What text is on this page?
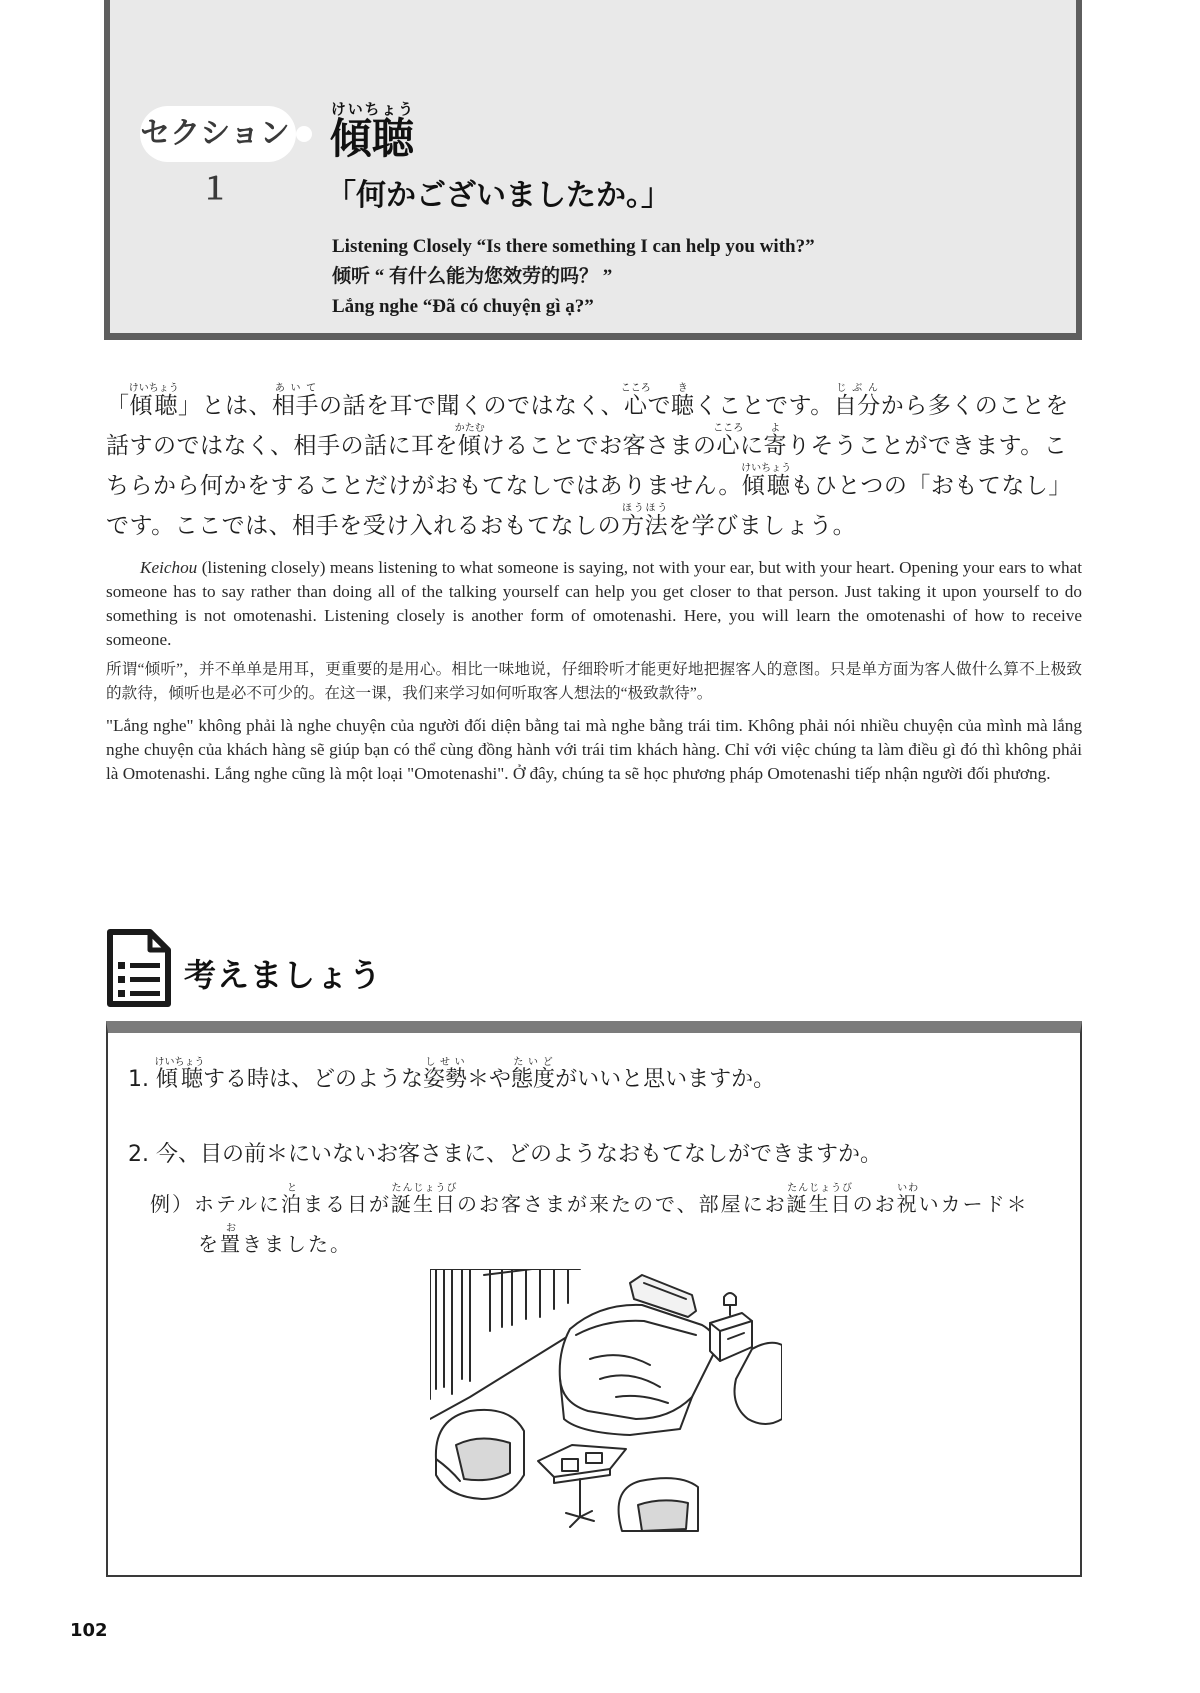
セクション１
傾聴けいちょう
「何かございましたか。」
Listening Closely “Is there something I can help you with?”
倾听 “ 有什么能为您效劳的吗？ ”
Lắng nghe “Đã có chuyện gì ạ?”
「傾聴けいちょう」とは、相手あいての話を耳で聞くのではなく、心こころで聴きくことです。自分じぶんから多くのことを話すのではなく、相手の話に耳を傾かたむけることでお客さまの心こころに寄よりそうことができます。こちらから何かをすることだけがおもてなしではありません。傾聴けいちょうもひとつの「おもてなし」です。ここでは、相手を受け入れるおもてなしの方法ほうほうを学びましょう。

Keichou (listening closely) means listening to what someone is saying, not with your ear, but with your heart. Opening your ears to what someone has to say rather than doing all of the talking yourself can help you get closer to that person. Just taking it upon yourself to do something is not omotenashi. Listening closely is another form of omotenashi. Here, you will learn the omotenashi of how to receive someone.

所谓“倾听”，并不单单是用耳，更重要的是用心。相比一味地说，仔细聆听才能更好地把握客人的意图。只是单方面为客人做什么算不上极致的款待，倾听也是必不可少的。在这一课，我们来学习如何听取客人想法的“极致款待”。

"Lắng nghe" không phải là nghe chuyện của người đối diện bằng tai mà nghe bằng trái tim. Không phải nói nhiều chuyện của mình mà lắng nghe chuyện của khách hàng sẽ giúp bạn có thể cùng đồng hành với trái tim khách hàng. Chỉ với việc chúng ta làm điều gì đó thì không phải là Omotenashi. Lắng nghe cũng là một loại "Omotenashi". Ở đây, chúng ta sẽ học phương pháp Omotenashi tiếp nhận người đối phương.

考えましょう
1. 傾聴けいちょうする時は、どのような姿勢しせい＊や態度たいどがいいと思いますか。
2. 今、目の前＊にいないお客さまに、どのようなおもてなしができますか。
例）ホテルに泊とまる日が誕生日たんじょうびのお客さまが来たので、部屋にお誕生日たんじょうびのお祝いわいカード＊
を置おきました。
102
